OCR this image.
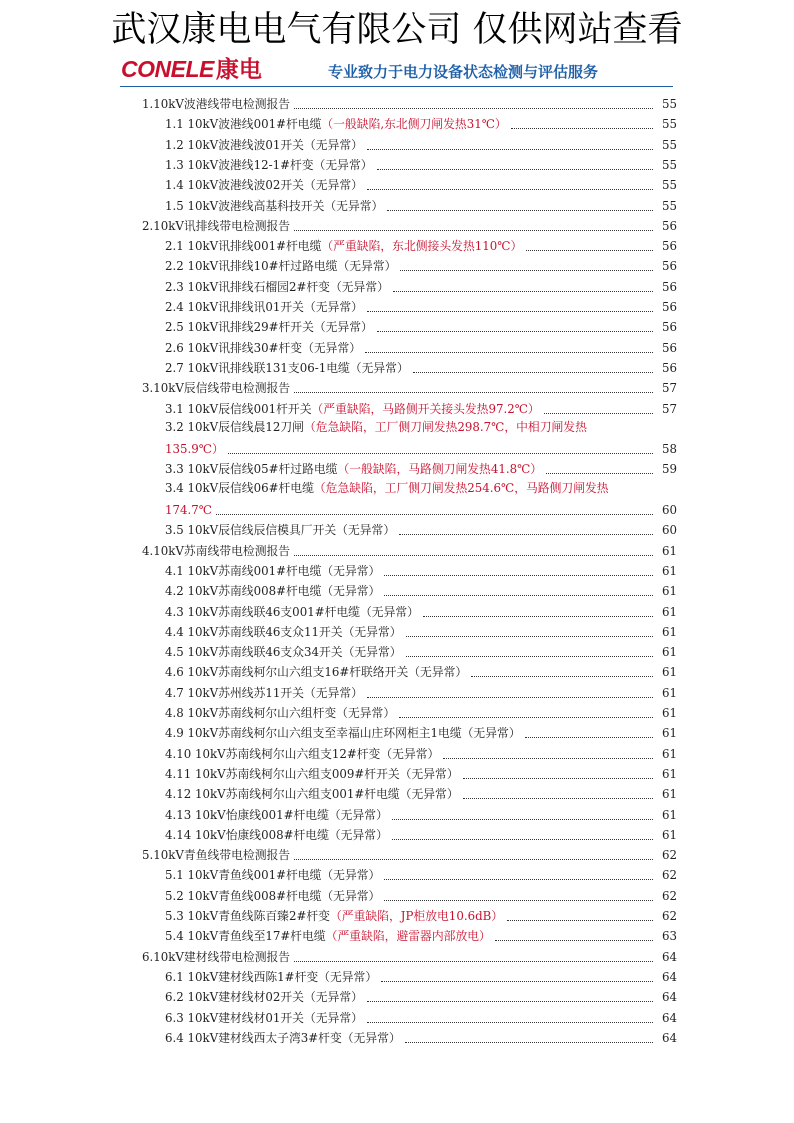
武汉康电电气有限公司 仅供网站查看
CONELE康电	专业致力于电力设备状态检测与评估服务
1.10kV波港线带电检测报告	55
1.1 10kV波港线001#杆电缆 （一般缺陷,东北侧刀闸发热31℃）	55
1.2 10kV波港线波01开关（无异常）	55
1.3 10kV波港线12-1#杆变（无异常）	55
1.4 10kV波港线波02开关（无异常）	55
1.5 10kV波港线高基科技开关（无异常）	55
2.10kV讯排线带电检测报告	56
2.1 10kV讯排线001#杆电缆 （严重缺陷，东北侧接头发热110℃）	56
2.2 10kV讯排线10#杆过路电缆（无异常）	56
2.3 10kV讯排线石榴园2#杆变（无异常）	56
2.4 10kV讯排线讯01开关（无异常）	56
2.5 10kV讯排线29#杆开关（无异常）	56
2.6 10kV讯排线30#杆变（无异常）	56
2.7 10kV讯排线联131支06-1电缆（无异常）	56
3.10kV辰信线带电检测报告	57
3.1 10kV辰信线001杆开关 （严重缺陷，马路侧开关接头发热97.2℃）	57
3.2 10kV辰信线晨12刀闸（危急缺陷，工厂侧刀闸发热298.7℃，中相刀闸发热
135.9℃）	58
3.3 10kV辰信线05#杆过路电缆 （一般缺陷，马路侧刀闸发热41.8℃）	59
3.4 10kV辰信线06#杆电缆（危急缺陷，工厂侧刀闸发热254.6℃，马路侧刀闸发热
174.7℃	60
3.5 10kV辰信线辰信模具厂开关（无异常）	60
4.10kV苏南线带电检测报告	61
4.1 10kV苏南线001#杆电缆（无异常）	61
4.2 10kV苏南线008#杆电缆（无异常）	61
4.3 10kV苏南线联46支001#杆电缆（无异常）	61
4.4 10kV苏南线联46支众11开关（无异常）	61
4.5 10kV苏南线联46支众34开关（无异常）	61
4.6 10kV苏南线柯尔山六组支16#杆联络开关（无异常）	61
4.7 10kV苏州线苏11开关（无异常）	61
4.8 10kV苏南线柯尔山六组杆变（无异常）	61
4.9 10kV苏南线柯尔山六组支至幸福山庄环网柜主1电缆（无异常）	61
4.10 10kV苏南线柯尔山六组支12#杆变（无异常）	61
4.11 10kV苏南线柯尔山六组支009#杆开关（无异常）	61
4.12 10kV苏南线柯尔山六组支001#杆电缆（无异常）	61
4.13 10kV怡康线001#杆电缆（无异常）	61
4.14 10kV怡康线008#杆电缆（无异常）	61
5.10kV青鱼线带电检测报告	62
5.1 10kV青鱼线001#杆电缆（无异常）	62
5.2 10kV青鱼线008#杆电缆（无异常）	62
5.3 10kV青鱼线陈百臻2#杆变 （严重缺陷，JP柜放电10.6dB）	62
5.4 10kV青鱼线至17#杆电缆 （严重缺陷，避雷器内部放电）	63
6.10kV建材线带电检测报告	64
6.1 10kV建材线西陈1#杆变（无异常）	64
6.2 10kV建材线材02开关（无异常）	64
6.3 10kV建材线材01开关（无异常）	64
6.4 10kV建材线西太子湾3#杆变（无异常）	64
